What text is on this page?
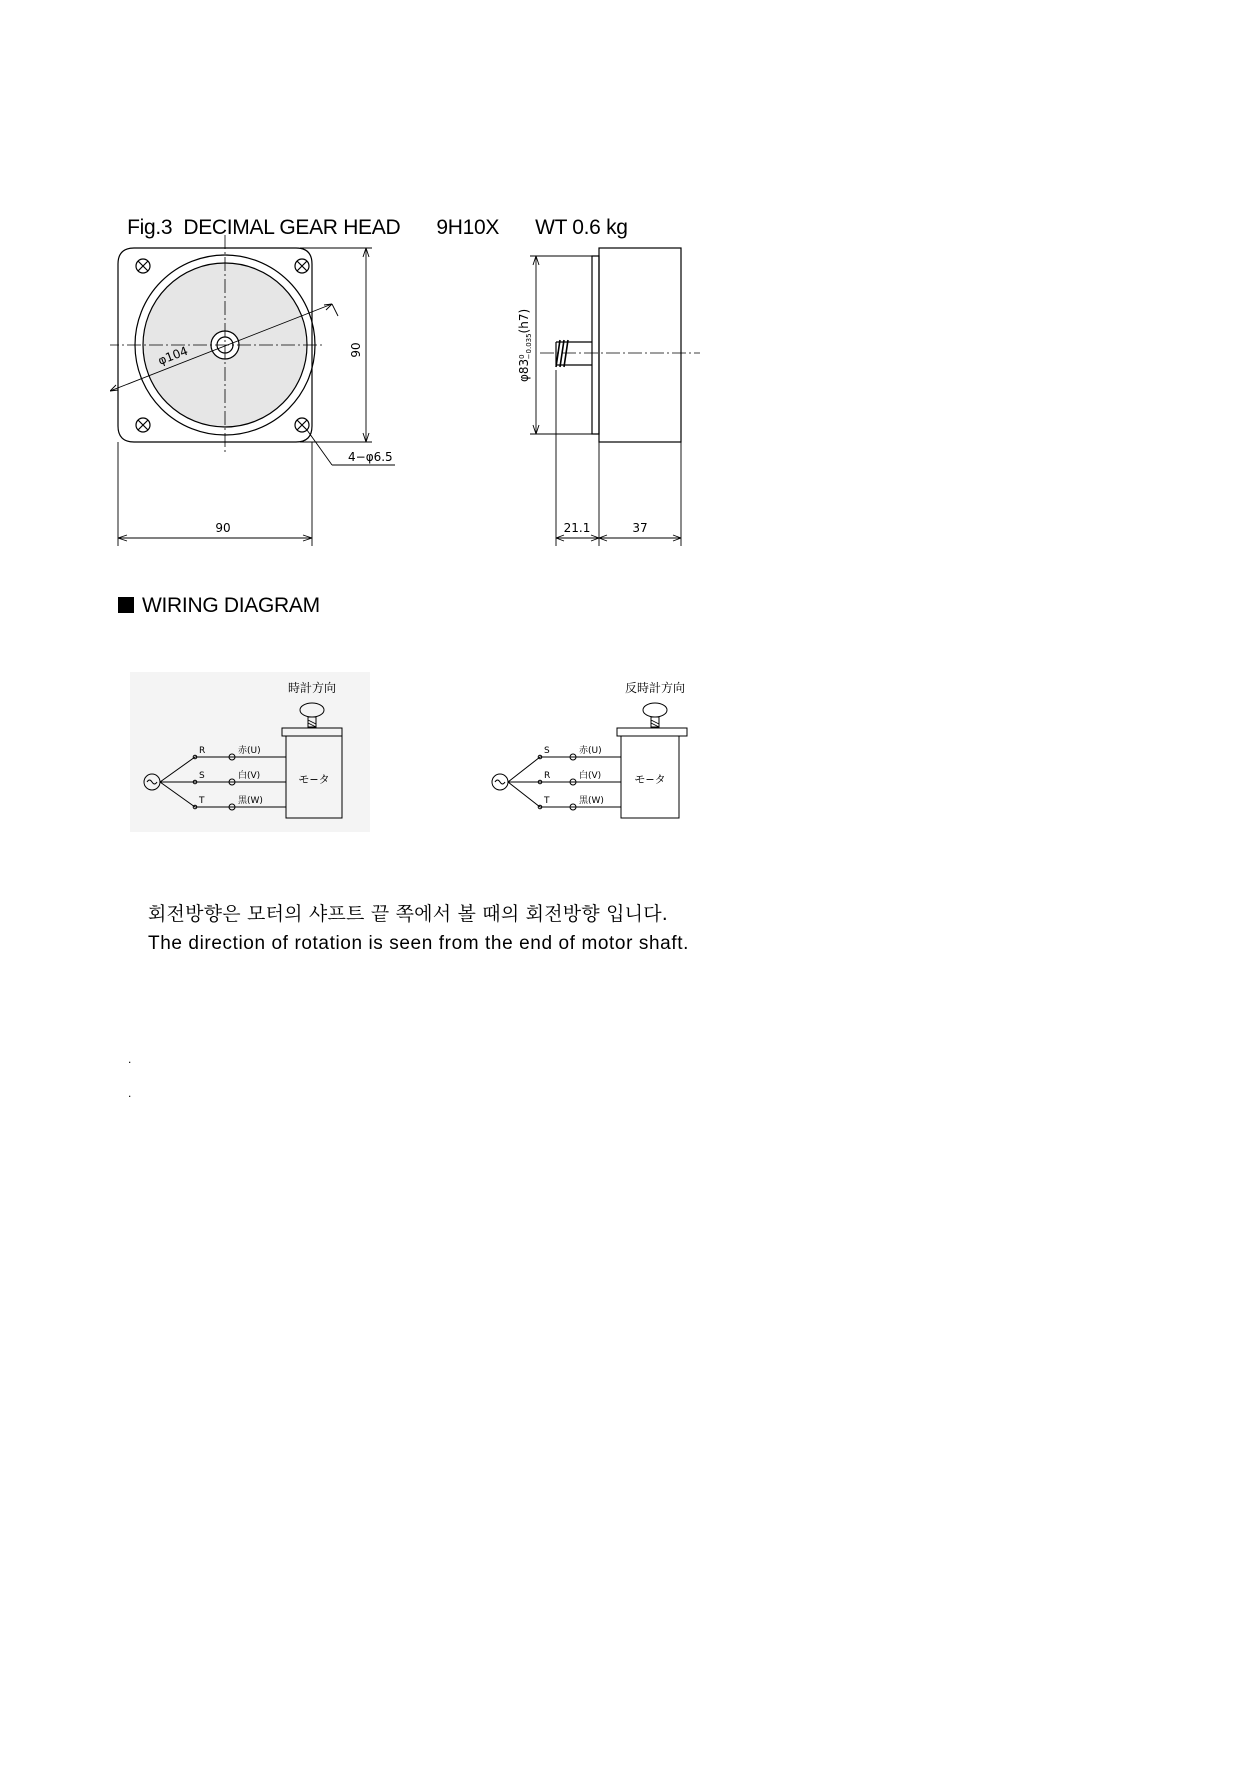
Fig.3  DECIMAL GEAR HEAD 9H10X WT 0.6 kg

φ104	90
4−φ6.5
90
$\varphi 83^0-0.035(h7)$
21.1	37
WIRING DIAGRAM
時計方向
R
S
T
赤(U)
白(V)
黒(W)
モ−タ
反時計方向
S
R
T
赤(U)
白(V)
黒(W)
モ−タ
회전방향은 모터의 샤프트 끝 쪽에서 볼 때의 회전방향 입니다.
The direction of rotation is seen from the end of motor shaft.
.
.
